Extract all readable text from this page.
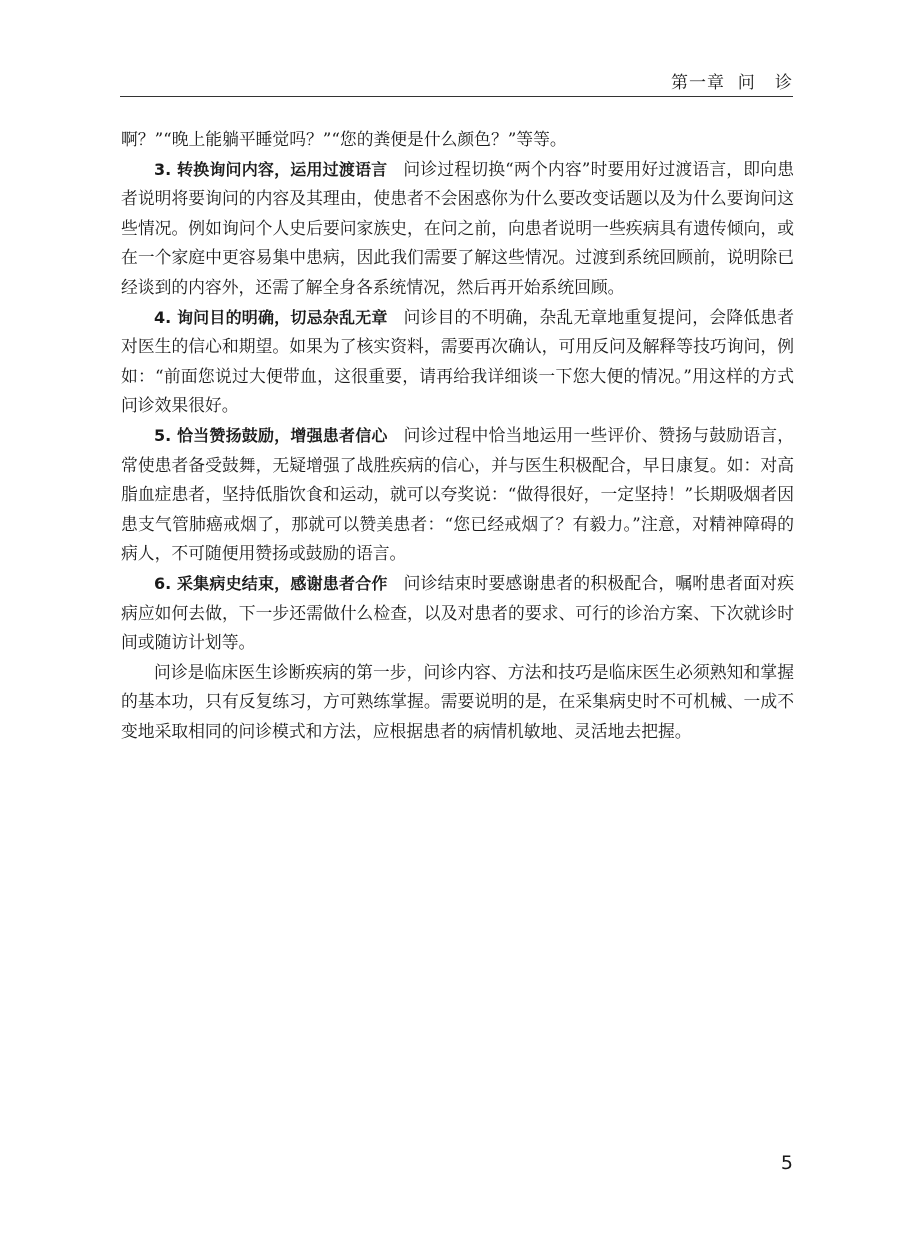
第一章  问   诊

啊？”“晚上能躺平睡觉吗？”“您的粪便是什么颜色？”等等。

3. 转换询问内容，运用过渡语言 问诊过程切换“两个内容”时要用好过渡语言，即向患者说明将要询问的内容及其理由，使患者不会困惑你为什么要改变话题以及为什么要询问这些情况。例如询问个人史后要问家族史，在问之前，向患者说明一些疾病具有遗传倾向，或在一个家庭中更容易集中患病，因此我们需要了解这些情况。过渡到系统回顾前，说明除已经谈到的内容外，还需了解全身各系统情况，然后再开始系统回顾。

4. 询问目的明确，切忌杂乱无章 问诊目的不明确，杂乱无章地重复提问，会降低患者对医生的信心和期望。如果为了核实资料，需要再次确认，可用反问及解释等技巧询问，例如：“前面您说过大便带血，这很重要，请再给我详细谈一下您大便的情况。”用这样的方式问诊效果很好。

5. 恰当赞扬鼓励，增强患者信心 问诊过程中恰当地运用一些评价、赞扬与鼓励语言，常使患者备受鼓舞，无疑增强了战胜疾病的信心，并与医生积极配合，早日康复。如：对高脂血症患者，坚持低脂饮食和运动，就可以夸奖说：“做得很好，一定坚持！”长期吸烟者因患支气管肺癌戒烟了，那就可以赞美患者：“您已经戒烟了？有毅力。”注意，对精神障碍的病人，不可随便用赞扬或鼓励的语言。

6. 采集病史结束，感谢患者合作 问诊结束时要感谢患者的积极配合，嘱咐患者面对疾病应如何去做，下一步还需做什么检查，以及对患者的要求、可行的诊治方案、下次就诊时间或随访计划等。

问诊是临床医生诊断疾病的第一步，问诊内容、方法和技巧是临床医生必须熟知和掌握的基本功，只有反复练习，方可熟练掌握。需要说明的是，在采集病史时不可机械、一成不变地采取相同的问诊模式和方法，应根据患者的病情机敏地、灵活地去把握。

5
